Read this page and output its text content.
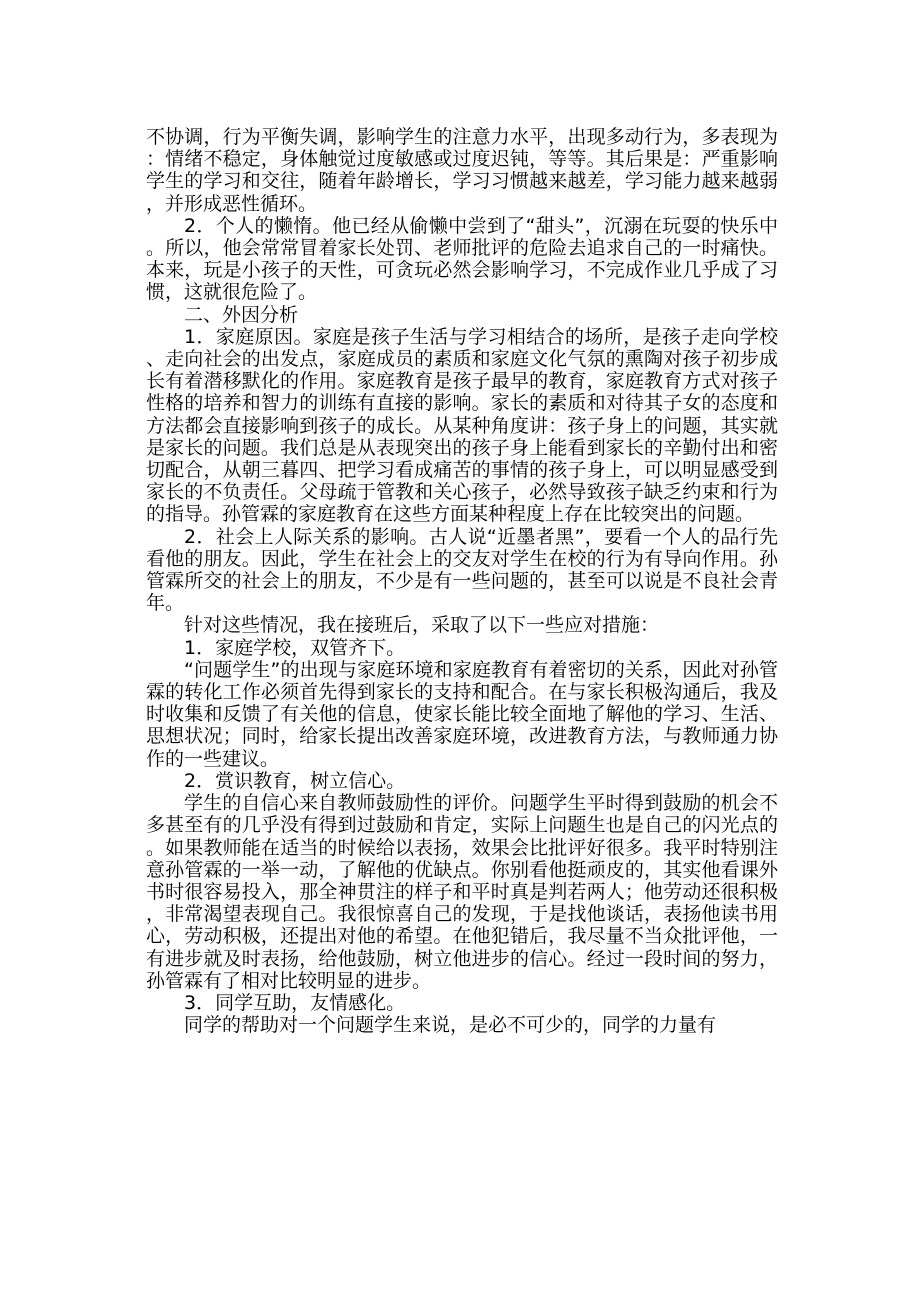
不协调，行为平衡失调，影响学生的注意力水平，出现多动行为，多表现为：情绪不稳定，身体触觉过度敏感或过度迟钝，等等。其后果是：严重影响学生的学习和交往，随着年龄增长，学习习惯越来越差，学习能力越来越弱，并形成恶性循环。

2．个人的懒惰。他已经从偷懒中尝到了“甜头”，沉溺在玩耍的快乐中。所以，他会常常冒着家长处罚、老师批评的危险去追求自己的一时痛快。本来，玩是小孩子的天性，可贪玩必然会影响学习，不完成作业几乎成了习惯，这就很危险了。

二、外因分析

1．家庭原因。家庭是孩子生活与学习相结合的场所，是孩子走向学校、走向社会的出发点，家庭成员的素质和家庭文化气氛的熏陶对孩子初步成长有着潜移默化的作用。家庭教育是孩子最早的教育，家庭教育方式对孩子性格的培养和智力的训练有直接的影响。家长的素质和对待其子女的态度和方法都会直接影响到孩子的成长。从某种角度讲：孩子身上的问题，其实就是家长的问题。我们总是从表现突出的孩子身上能看到家长的辛勤付出和密切配合，从朝三暮四、把学习看成痛苦的事情的孩子身上，可以明显感受到家长的不负责任。父母疏于管教和关心孩子，必然导致孩子缺乏约束和行为的指导。孙管霖的家庭教育在这些方面某种程度上存在比较突出的问题。

2．社会上人际关系的影响。古人说“近墨者黑”，要看一个人的品行先看他的朋友。因此，学生在社会上的交友对学生在校的行为有导向作用。孙管霖所交的社会上的朋友，不少是有一些问题的，甚至可以说是不良社会青年。

针对这些情况，我在接班后，采取了以下一些应对措施：

1．家庭学校，双管齐下。

“问题学生”的出现与家庭环境和家庭教育有着密切的关系，因此对孙管霖的转化工作必须首先得到家长的支持和配合。在与家长积极沟通后，我及时收集和反馈了有关他的信息，使家长能比较全面地了解他的学习、生活、思想状况；同时，给家长提出改善家庭环境，改进教育方法，与教师通力协作的一些建议。

2．赏识教育，树立信心。

学生的自信心来自教师鼓励性的评价。问题学生平时得到鼓励的机会不多甚至有的几乎没有得到过鼓励和肯定，实际上问题生也是自己的闪光点的。如果教师能在适当的时候给以表扬，效果会比批评好很多。我平时特别注意孙管霖的一举一动，了解他的优缺点。你别看他挺顽皮的，其实他看课外书时很容易投入，那全神贯注的样子和平时真是判若两人；他劳动还很积极，非常渴望表现自己。我很惊喜自己的发现，于是找他谈话，表扬他读书用心，劳动积极，还提出对他的希望。在他犯错后，我尽量不当众批评他，一有进步就及时表扬，给他鼓励，树立他进步的信心。经过一段时间的努力，孙管霖有了相对比较明显的进步。

3．同学互助，友情感化。

同学的帮助对一个问题学生来说，是必不可少的，同学的力量有
